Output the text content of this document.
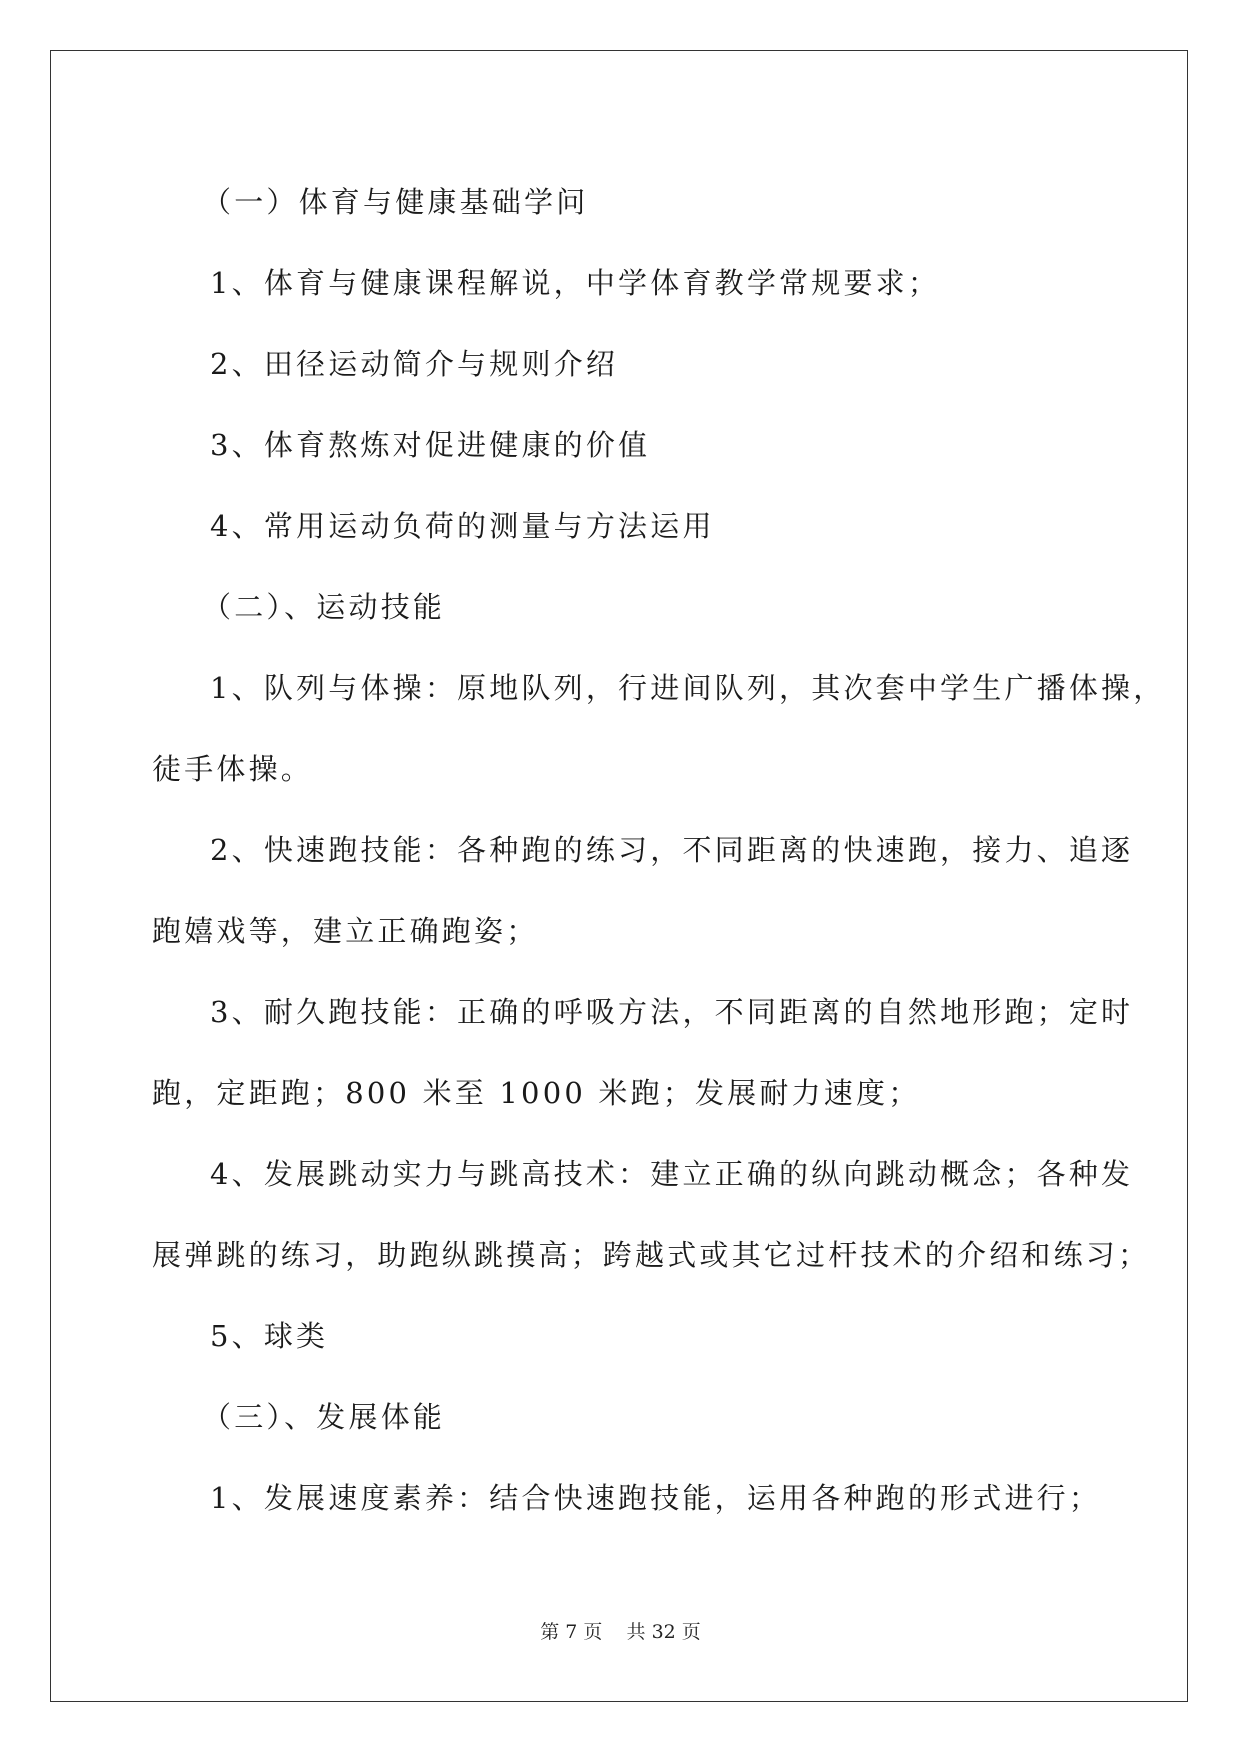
（一）体育与健康基础学问
1、体育与健康课程解说，中学体育教学常规要求；
2、田径运动简介与规则介绍
3、体育熬炼对促进健康的价值
4、常用运动负荷的测量与方法运用
（二）、运动技能
1、队列与体操：原地队列，行进间队列，其次套中学生广播体操，
徒手体操。
2、快速跑技能：各种跑的练习，不同距离的快速跑，接力、追逐
跑嬉戏等，建立正确跑姿；
3、耐久跑技能：正确的呼吸方法，不同距离的自然地形跑；定时
跑，定距跑；800 米至 1000 米跑；发展耐力速度；
4、发展跳动实力与跳高技术：建立正确的纵向跳动概念；各种发
展弹跳的练习，助跑纵跳摸高；跨越式或其它过杆技术的介绍和练习；
5、球类
（三）、发展体能
1、发展速度素养：结合快速跑技能，运用各种跑的形式进行；
第 7 页 共 32 页
